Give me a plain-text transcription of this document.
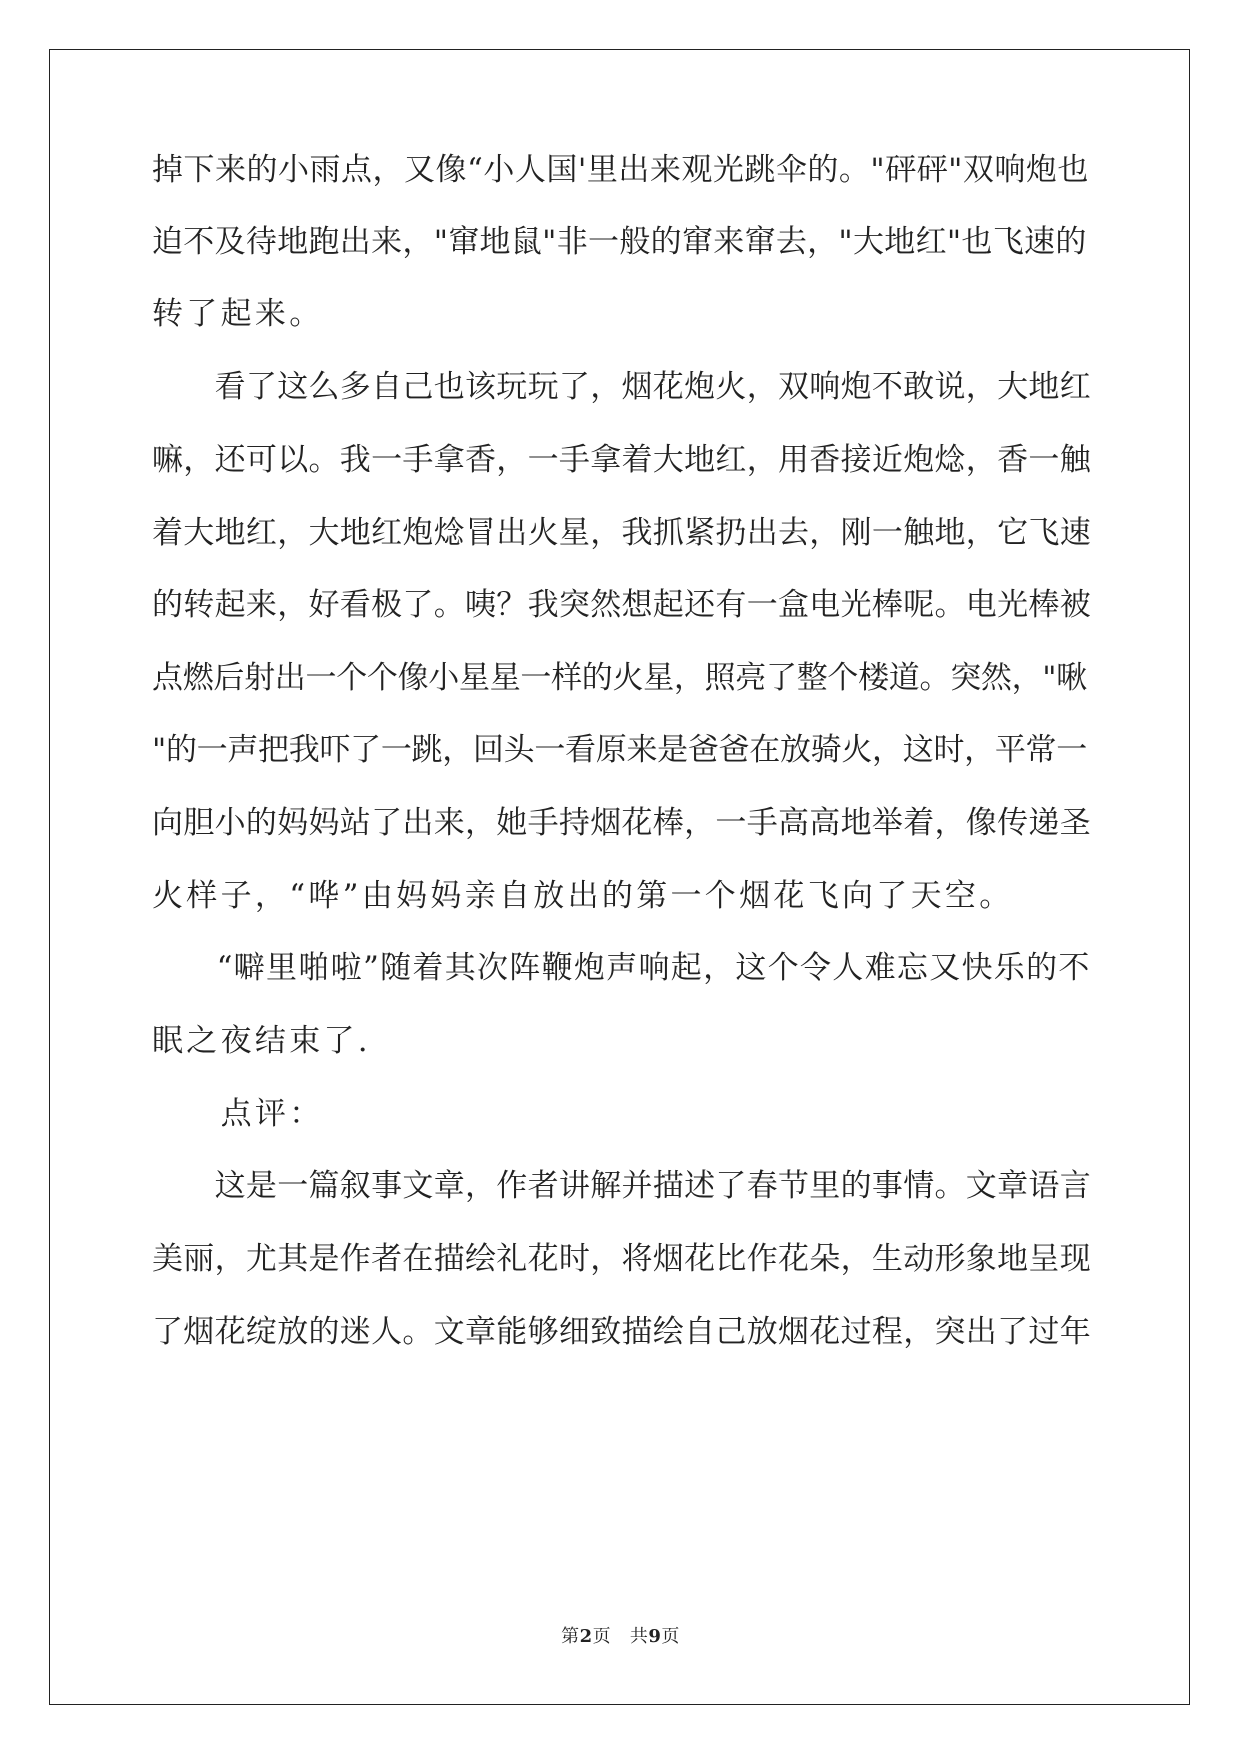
掉下来的小雨点，又像“小人国'里出来观光跳伞的。"砰砰"双响炮也
迫不及待地跑出来，"窜地鼠"非一般的窜来窜去，"大地红"也飞速的
转了起来。
　　看了这么多自己也该玩玩了，烟花炮火，双响炮不敢说，大地红
嘛，还可以。我一手拿香，一手拿着大地红，用香接近炮焾，香一触
着大地红，大地红炮焾冒出火星，我抓紧扔出去，刚一触地，它飞速
的转起来，好看极了。咦？我突然想起还有一盒电光棒呢。电光棒被
点燃后射出一个个像小星星一样的火星，照亮了整个楼道。突然，"啾
"的一声把我吓了一跳，回头一看原来是爸爸在放骑火，这时，平常一
向胆小的妈妈站了出来，她手持烟花棒，一手高高地举着，像传递圣
火样子，“哗”由妈妈亲自放出的第一个烟花飞向了天空。
　　“噼里啪啦”随着其次阵鞭炮声响起，这个令人难忘又快乐的不
眠之夜结束了.
　　点评：
　　这是一篇叙事文章，作者讲解并描述了春节里的事情。文章语言
美丽，尤其是作者在描绘礼花时，将烟花比作花朵，生动形象地呈现
了烟花绽放的迷人。文章能够细致描绘自己放烟花过程，突出了过年
第2页 共9页
